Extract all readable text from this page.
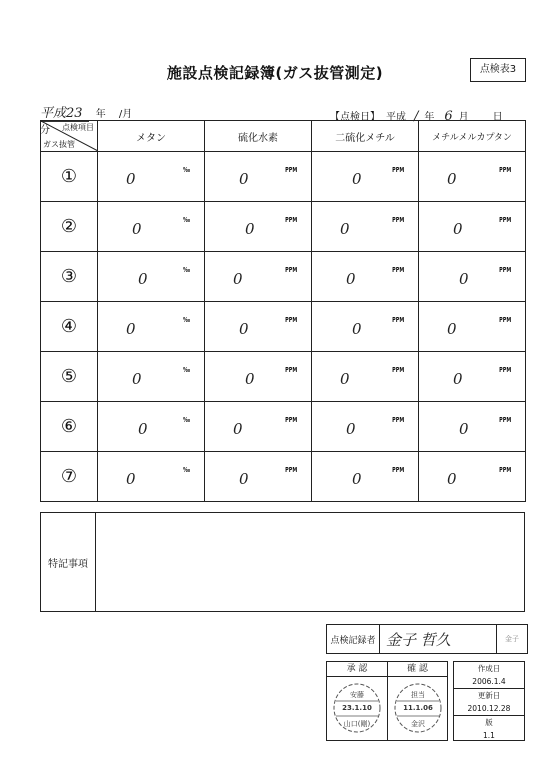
施設点検記録簿(ガス抜管測定)	点検表3
平成23 年 /月分
【点検日】 平成 / 年 6 月 日
点検項目
ガス抜管	メタン	硫化水素	二硫化メチル	メチルメルカプタン
①	0 ‰	0 PPM	0 PPM	0 PPM

②	0 ‰	0 PPM	0 PPM	0 PPM

③	0 ‰	0 PPM	0 PPM	0 PPM

④	0 ‰	0 PPM	0 PPM	0 PPM

⑤	0 ‰	0 PPM	0 PPM	0 PPM

⑥	0 ‰	0 PPM	0 PPM	0 PPM

⑦	0 ‰	0 PPM	0 PPM	0 PPM
特記事項
点検記録者 金子 哲久	金子
承 認	確 認
安藤
23.1.10
山口(剛)
担当
11.1.06
金沢
作成日
2006.1.4
更新日
2010.12.28
版
1.1
